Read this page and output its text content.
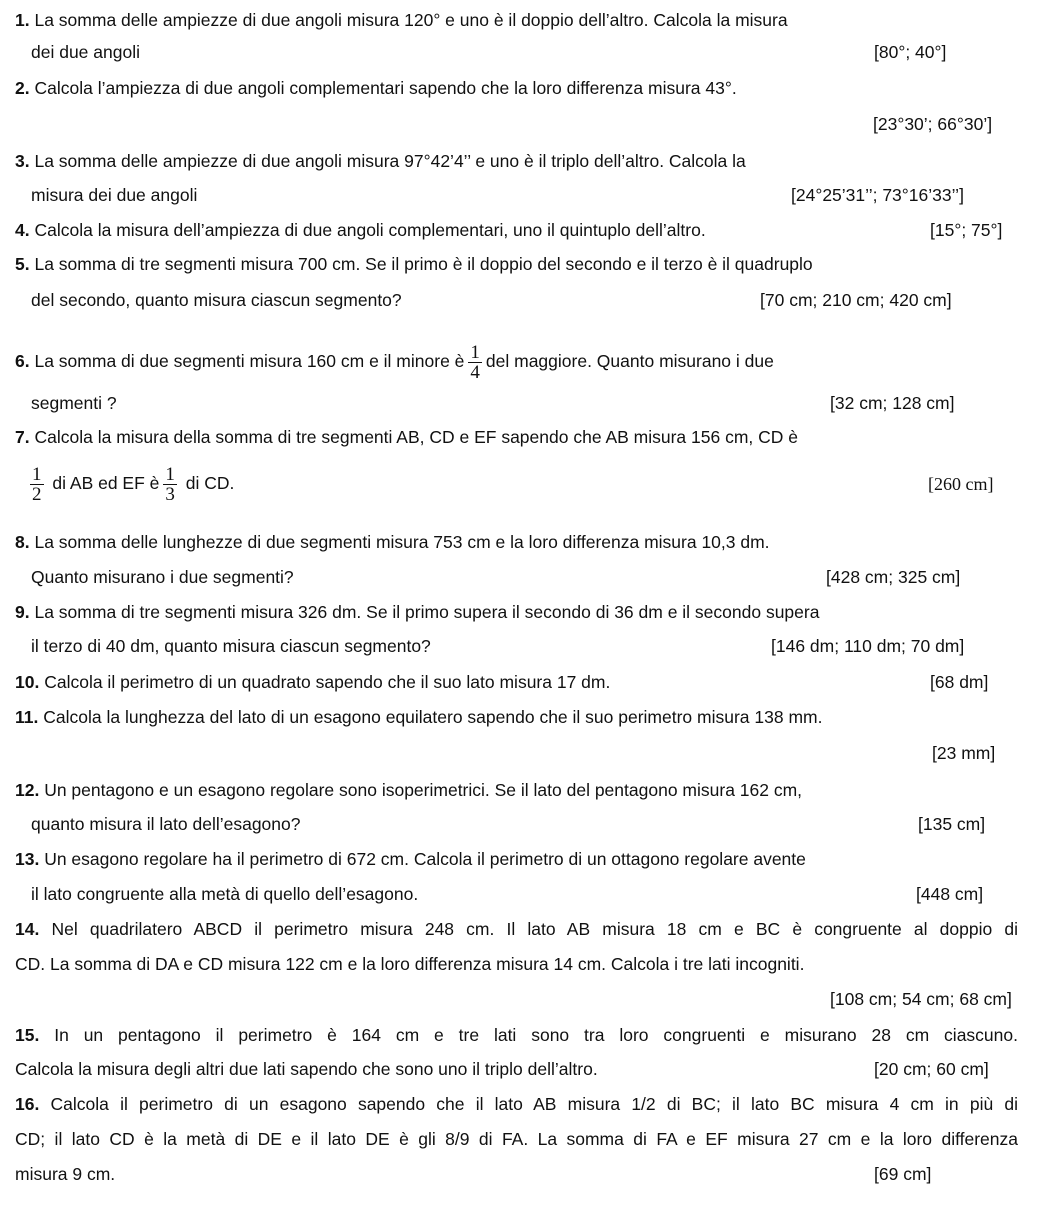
1. La somma delle ampiezze di due angoli misura 120° e uno è il doppio dell’altro. Calcola la misura
dei due angoli	[80°; 40°]
2. Calcola l’ampiezza di due angoli complementari sapendo che la loro differenza misura 43°.
[23°30’; 66°30’]
3. La somma delle ampiezze di due angoli misura 97°42’4’’ e uno è il triplo dell’altro. Calcola la
misura dei due angoli	[24°25’31’’; 73°16’33’’]
4. Calcola la misura dell’ampiezza di due angoli complementari, uno il quintuplo dell’altro.	[15°; 75°]
5. La somma di tre segmenti misura 700 cm. Se il primo è il doppio del secondo e il terzo è il quadruplo
del secondo, quanto misura ciascun segmento?	[70 cm; 210 cm; 420 cm]
6. La somma di due segmenti misura 160 cm e il minore è $\frac{1}{4}$ del maggiore. Quanto misurano i due
segmenti ?	[32 cm; 128 cm]
7. Calcola la misura della somma di tre segmenti AB, CD e EF sapendo che AB misura 156 cm, CD è
$\frac{1}{2}$ di AB ed EF è $\frac{1}{3}$ di CD.	[260 cm]
8. La somma delle lunghezze di due segmenti misura 753 cm e la loro differenza misura 10,3 dm.
Quanto misurano i due segmenti?	[428 cm; 325 cm]
9. La somma di tre segmenti misura 326 dm. Se il primo supera il secondo di 36 dm e il secondo supera
il terzo di 40 dm, quanto misura ciascun segmento?	[146 dm; 110 dm; 70 dm]
10. Calcola il perimetro di un quadrato sapendo che il suo lato misura 17 dm.	[68 dm]
11. Calcola la lunghezza del lato di un esagono equilatero sapendo che il suo perimetro misura 138 mm.
[23 mm]
12. Un pentagono e un esagono regolare sono isoperimetrici. Se il lato del pentagono misura 162 cm,
quanto misura il lato dell’esagono?	[135 cm]
13. Un esagono regolare ha il perimetro di 672 cm. Calcola il perimetro di un ottagono regolare avente
il lato congruente alla metà di quello dell’esagono.	[448 cm]
14. Nel quadrilatero ABCD il perimetro misura 248 cm. Il lato AB misura 18 cm e BC è congruente al doppio di
CD. La somma di DA e CD misura 122 cm e la loro differenza misura 14 cm. Calcola i tre lati incogniti.
[108 cm; 54 cm; 68 cm]
15. In un pentagono il perimetro è 164 cm e tre lati sono tra loro congruenti e misurano 28 cm ciascuno.
Calcola la misura degli altri due lati sapendo che sono uno il triplo dell’altro.	[20 cm; 60 cm]
16. Calcola il perimetro di un esagono sapendo che il lato AB misura 1/2 di BC; il lato BC misura 4 cm in più di
CD; il lato CD è la metà di DE e il lato DE è gli 8/9 di FA. La somma di FA e EF misura 27 cm e la loro differenza
misura 9 cm.	[69 cm]
